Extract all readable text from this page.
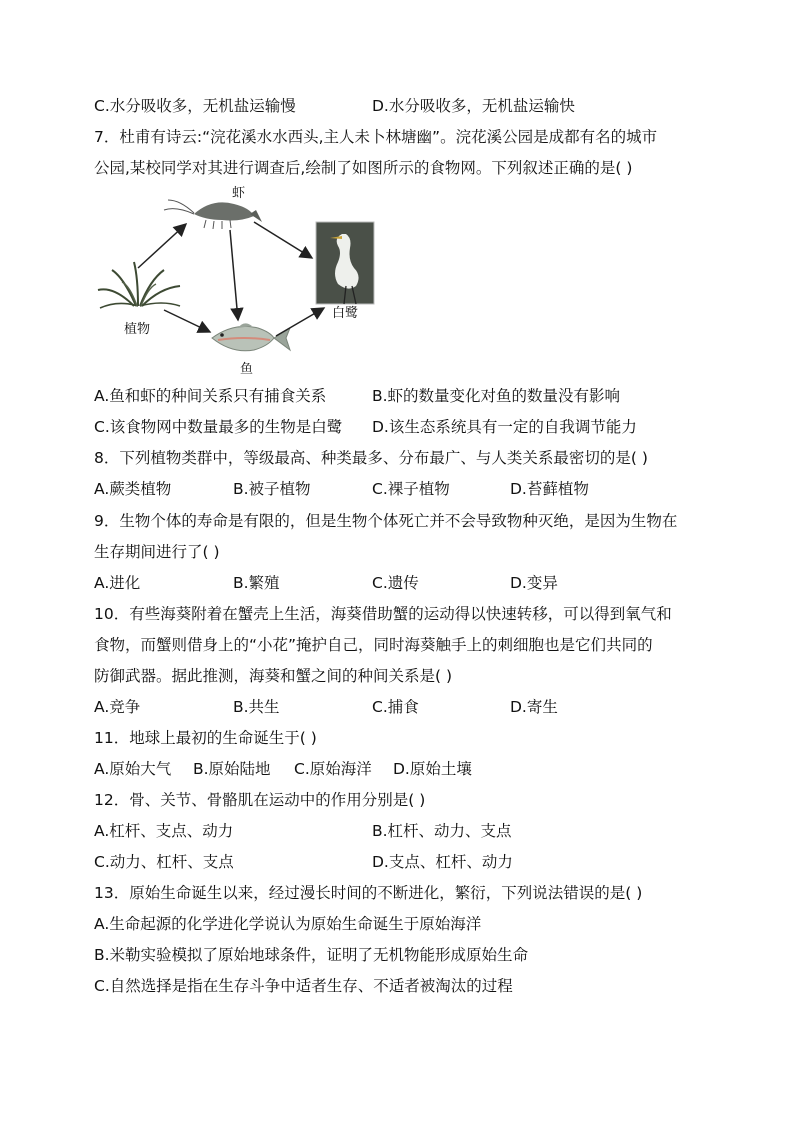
C.水分吸收多，无机盐运输慢	D.水分吸收多，无机盐运输快
7．杜甫有诗云:“浣花溪水水西头,主人未卜林塘幽”。浣花溪公园是成都有名的城市
公园,某校同学对其进行调查后,绘制了如图所示的食物网。下列叙述正确的是( )
虾
植物
鱼
白鹭
A.鱼和虾的种间关系只有捕食关系	B.虾的数量变化对鱼的数量没有影响
C.该食物网中数量最多的生物是白鹭 D.该生态系统具有一定的自我调节能力
8．下列植物类群中，等级最高、种类最多、分布最广、与人类关系最密切的是( )
A.蕨类植物	B.被子植物	C.裸子植物	D.苔藓植物
9．生物个体的寿命是有限的，但是生物个体死亡并不会导致物种灭绝，是因为生物在
生存期间进行了( )
A.进化	B.繁殖	C.遗传	D.变异
10．有些海葵附着在蟹壳上生活，海葵借助蟹的运动得以快速转移，可以得到氧气和
食物，而蟹则借身上的“小花”掩护自己，同时海葵触手上的刺细胞也是它们共同的
防御武器。据此推测，海葵和蟹之间的种间关系是( )
A.竞争	B.共生	C.捕食	D.寄生
11．地球上最初的生命诞生于( )
A.原始大气 B.原始陆地 C.原始海洋 D.原始土壤
12．骨、关节、骨骼肌在运动中的作用分别是( )
A.杠杆、支点、动力	B.杠杆、动力、支点
C.动力、杠杆、支点	D.支点、杠杆、动力
13．原始生命诞生以来，经过漫长时间的不断进化，繁衍，下列说法错误的是( )
A.生命起源的化学进化学说认为原始生命诞生于原始海洋
B.米勒实验模拟了原始地球条件，证明了无机物能形成原始生命
C.自然选择是指在生存斗争中适者生存、不适者被淘汰的过程
